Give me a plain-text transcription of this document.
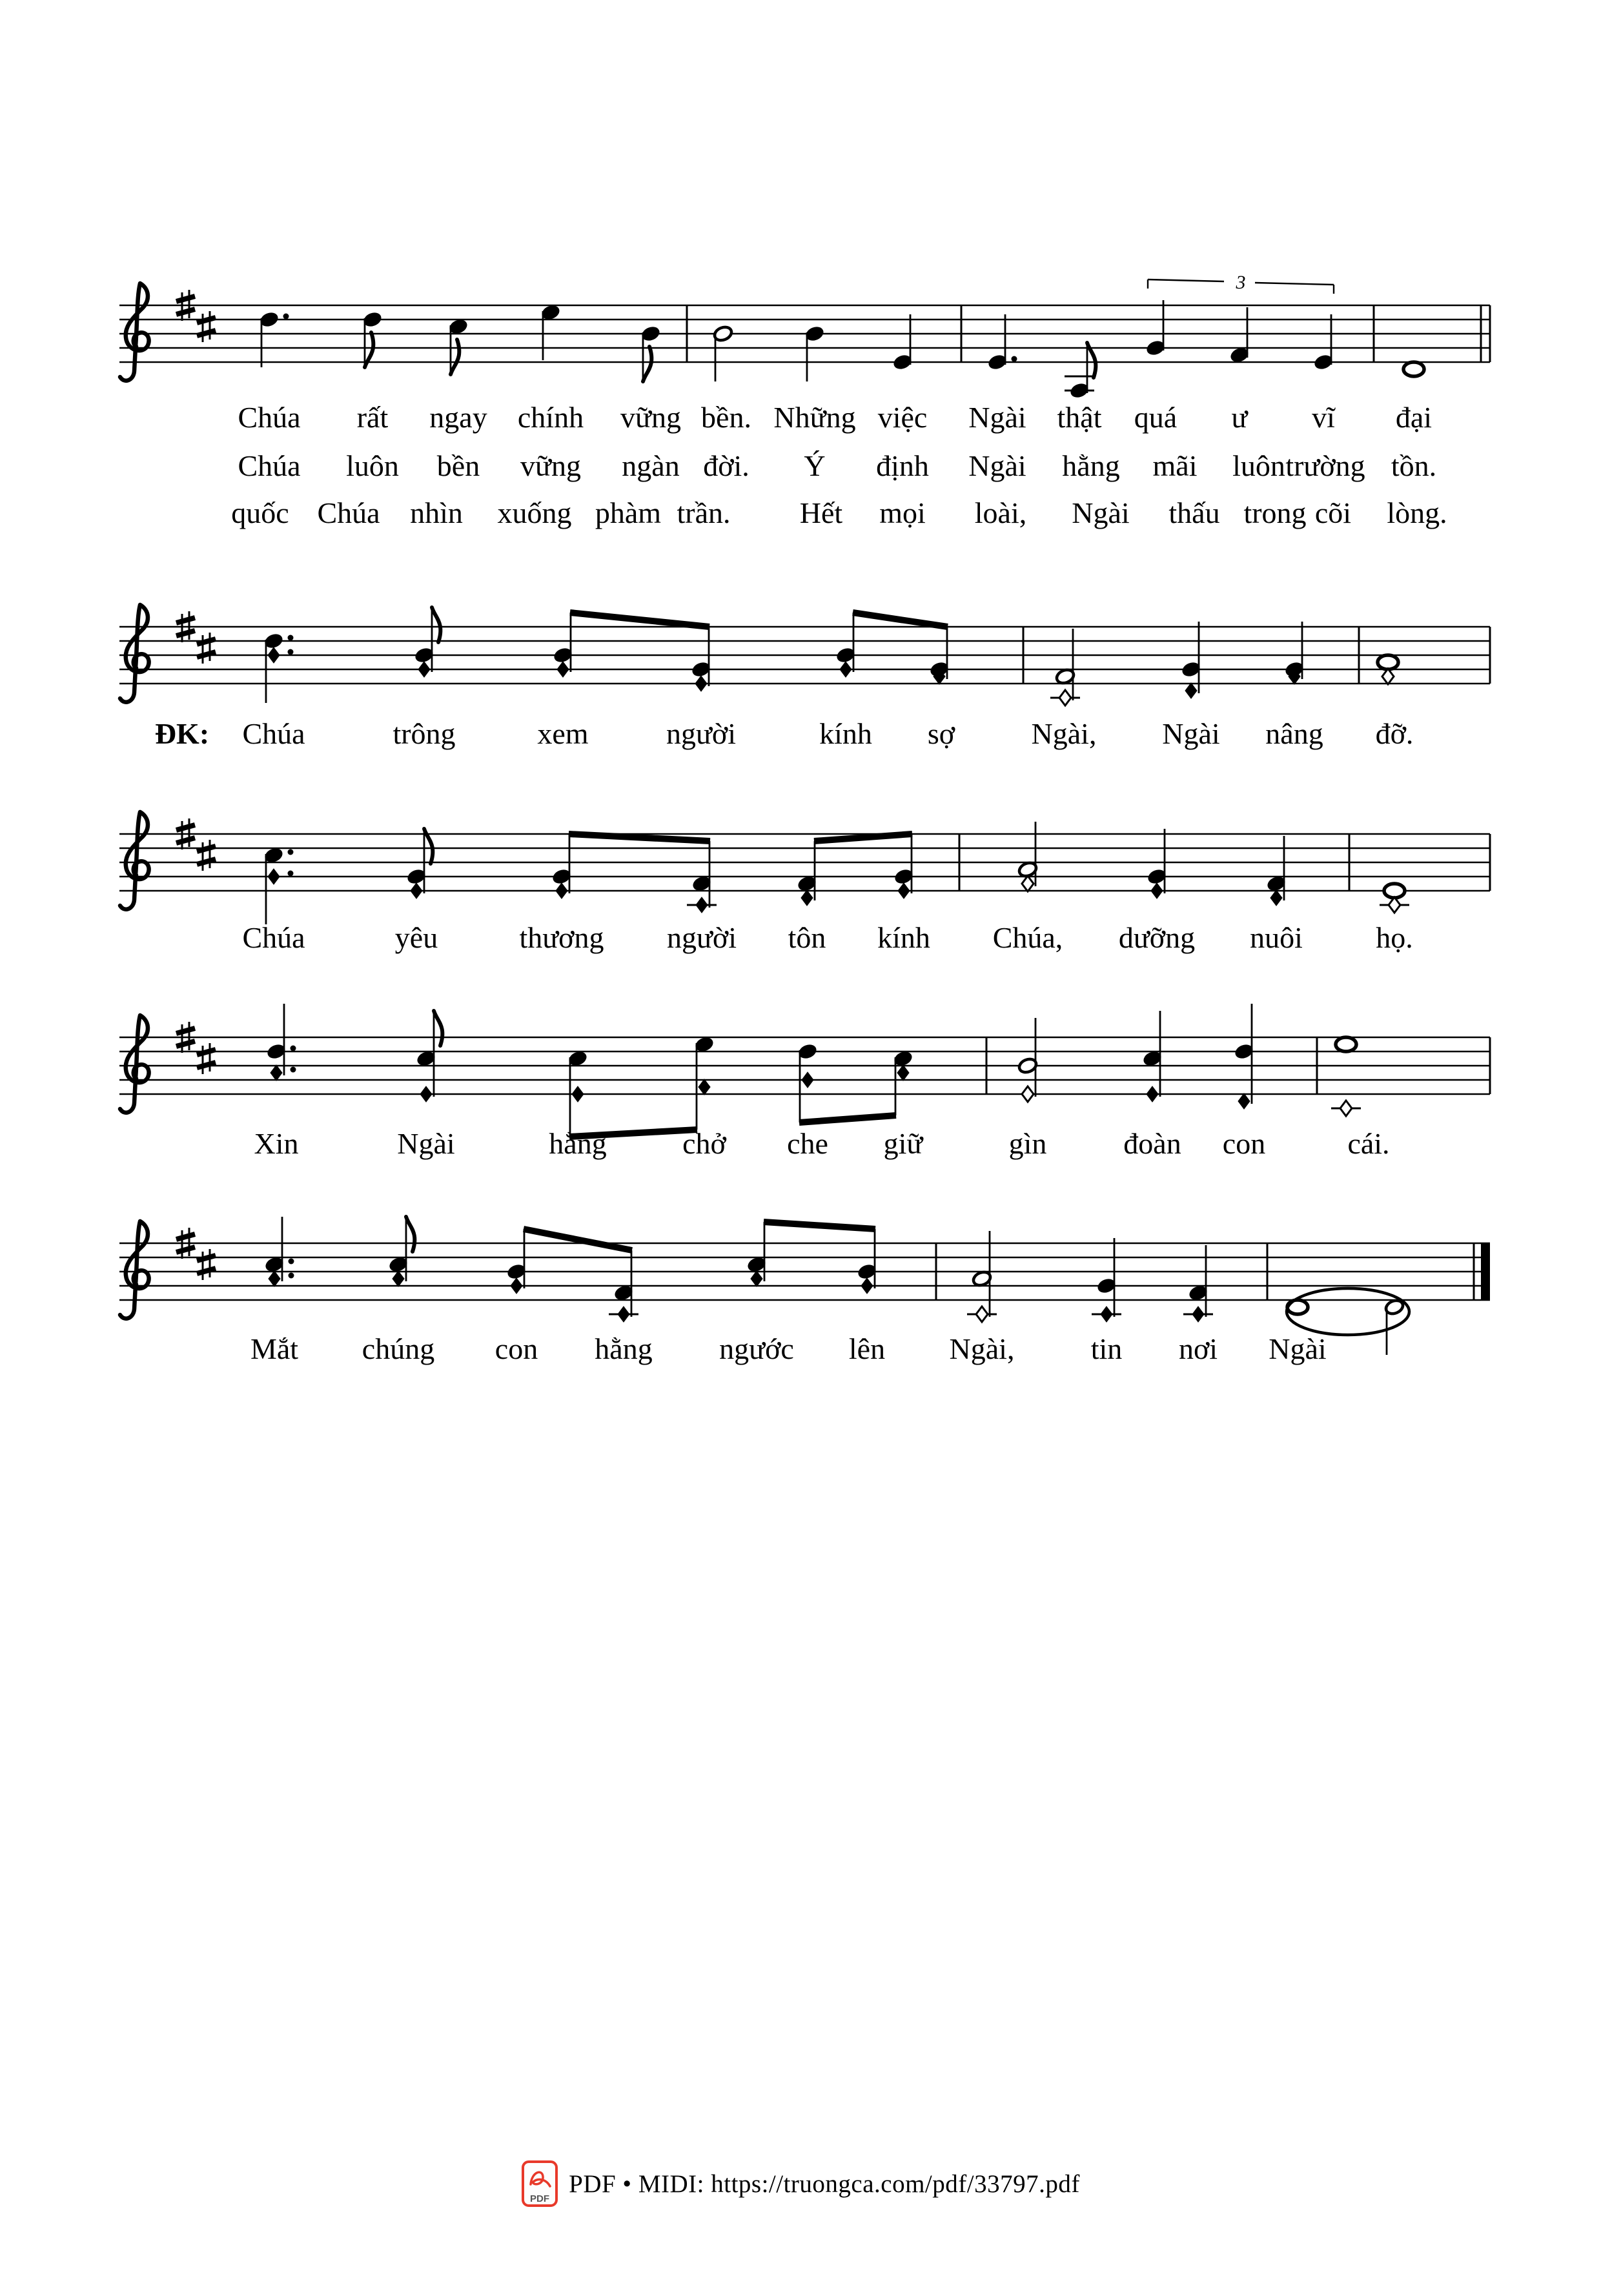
3
Chúa rất ngay chính vững bền. Những việc Ngài thật quá ư vĩ đại
Chúa luôn bền vững ngàn đời. Ý định Ngài hằng mãi luôn trường tồn.
quốc Chúa nhìn xuống phàm trần. Hết mọi loài, Ngài thấu trong cõi lòng.
ĐK: Chúa	trông	xem	người	kính sợ	Ngài, Ngài nâng đỡ.
Chúa	yêu	thương người tôn kính Chúa, dưỡng nuôi họ.
Xin	Ngài	hằng	chở che giữ	gìn	đoàn con	cái.
Mắt chúng con hằng ngước lên Ngài,	tin nơi Ngài
PDF
PDF • MIDI: https://truongca.com/pdf/33797.pdf
